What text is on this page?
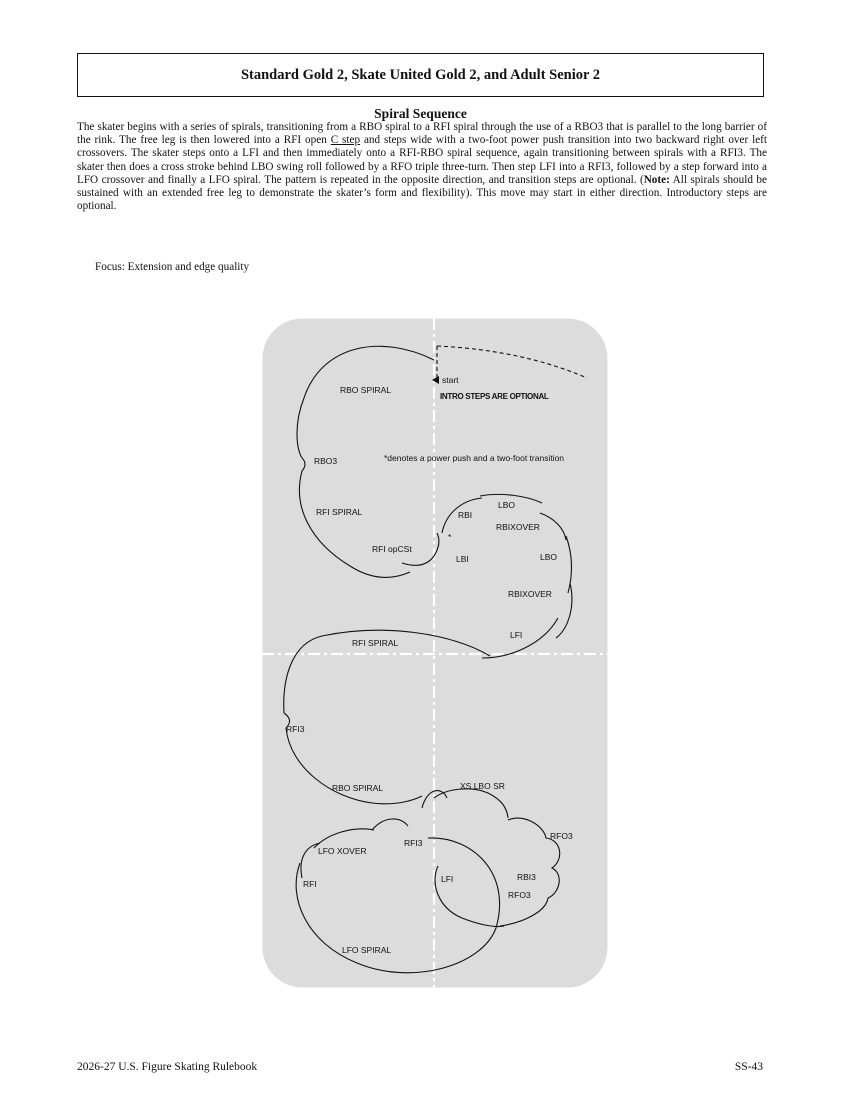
Standard Gold 2, Skate United Gold 2, and Adult Senior 2
Spiral Sequence

The skater begins with a series of spirals, transitioning from a RBO spiral to a RFI spiral through the use of a RBO3 that is parallel to the long barrier of the rink. The free leg is then lowered into a RFI open C step and steps wide with a two-foot power push transition into two backward right over left crossovers. The skater steps onto a LFI and then immediately onto a RFI-RBO spiral sequence, again transitioning between spirals with a RFI3. The skater then does a cross stroke behind LBO swing roll followed by a RFO triple three-turn. Then step LFI into a RFI3, followed by a step forward into a LFO crossover and finally a LFO spiral. The pattern is repeated in the opposite direction, and transition steps are optional. (Note: All spirals should be sustained with an extended free leg to demonstrate the skater’s form and flexibility). This move may start in either direction. Introductory steps are optional.

Focus: Extension and edge quality

start
INTRO STEPS ARE OPTIONAL
RBO SPIRAL
RBO3	*denotes a power push and a two-foot transition
RFI SPIRAL
LBO
RBI
RBIXOVER
*
RFI opCSt
LBI	LBO
RBIXOVER
LFI
RFI SPIRAL
RFI3
RBO SPIRAL	XS LBO SR
RFO3
LFO XOVER
RFI3
RFI	LFI	RBI3
RFO3
LFO SPIRAL
2026-27 U.S. Figure Skating Rulebook	SS-43
